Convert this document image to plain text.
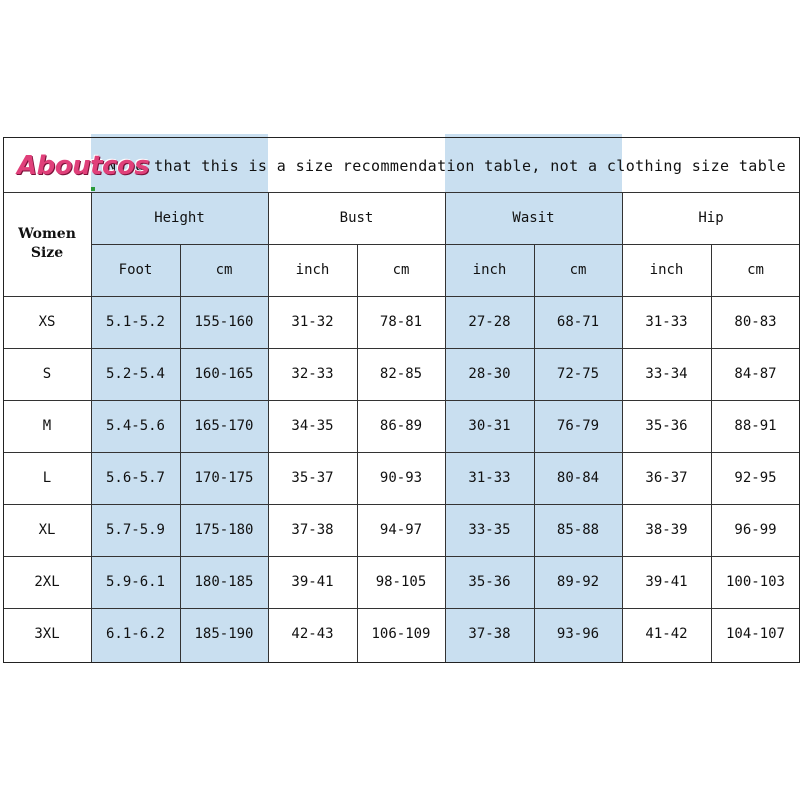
Note that this is a size recommendation table, not a clothing size table
Aboutcos
Women
Size
Height	Bust	Wasit	Hip
Foot	cm	inch	cm	inch	cm	inch	cm
XS	5.1-5.2	155-160	31-32	78-81	27-28	68-71	31-33	80-83
S	5.2-5.4	160-165	32-33	82-85	28-30	72-75	33-34	84-87
M	5.4-5.6	165-170	34-35	86-89	30-31	76-79	35-36	88-91
L	5.6-5.7	170-175	35-37	90-93	31-33	80-84	36-37	92-95
XL	5.7-5.9	175-180	37-38	94-97	33-35	85-88	38-39	96-99
2XL	5.9-6.1	180-185	39-41	98-105	35-36	89-92	39-41	100-103
3XL	6.1-6.2	185-190	42-43	106-109	37-38	93-96	41-42	104-107
